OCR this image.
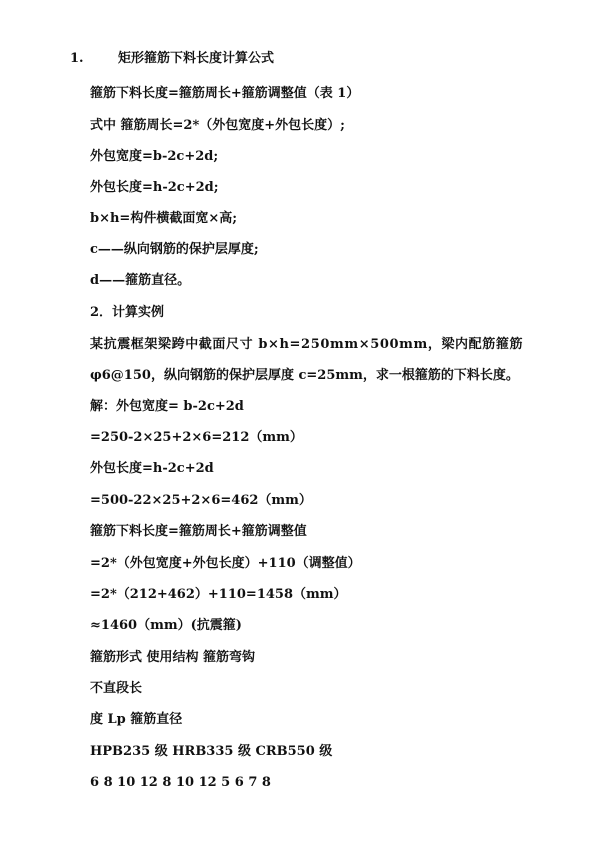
1.	矩形箍筋下料长度计算公式
箍筋下料长度=箍筋周长+箍筋调整值（表 1）
式中 箍筋周长=2*（外包宽度+外包长度）;
外包宽度=b-2c+2d;
外包长度=h-2c+2d;
b×h=构件横截面宽×高;
c——纵向钢筋的保护层厚度;
d——箍筋直径。
2．计算实例
某抗震框架梁跨中截面尺寸 b×h=250mm×500mm，梁内配筋箍筋
φ6@150，纵向钢筋的保护层厚度 c=25mm，求一根箍筋的下料长度。
解：外包宽度= b-2c+2d
=250-2×25+2×6=212（mm）
外包长度=h-2c+2d
=500-22×25+2×6=462（mm）
箍筋下料长度=箍筋周长+箍筋调整值
=2*（外包宽度+外包长度）+110（调整值）
=2*（212+462）+110=1458（mm）
≈1460（mm）(抗震箍)
箍筋形式 使用结构 箍筋弯钩
不直段长
度 Lp 箍筋直径
HPB235 级 HRB335 级 CRB550 级
6 8 10 12 8 10 12 5 6 7 8
